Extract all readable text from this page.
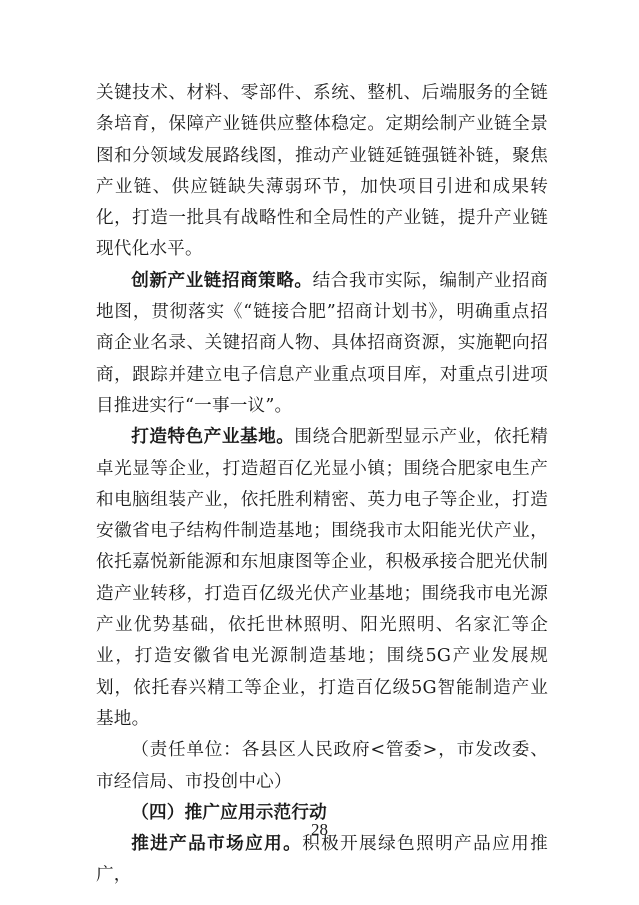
关键技术、材料、零部件、系统、整机、后端服务的全链条培育，保障产业链供应整体稳定。定期绘制产业链全景图和分领域发展路线图，推动产业链延链强链补链，聚焦产业链、供应链缺失薄弱环节，加快项目引进和成果转化，打造一批具有战略性和全局性的产业链，提升产业链现代化水平。

创新产业链招商策略。结合我市实际，编制产业招商地图，贯彻落实《“链接合肥”招商计划书》，明确重点招商企业名录、关键招商人物、具体招商资源，实施靶向招商，跟踪并建立电子信息产业重点项目库，对重点引进项目推进实行“一事一议”。

打造特色产业基地。围绕合肥新型显示产业，依托精卓光显等企业，打造超百亿光显小镇；围绕合肥家电生产和电脑组装产业，依托胜利精密、英力电子等企业，打造安徽省电子结构件制造基地；围绕我市太阳能光伏产业，依托嘉悦新能源和东旭康图等企业，积极承接合肥光伏制造产业转移，打造百亿级光伏产业基地；围绕我市电光源产业优势基础，依托世林照明、阳光照明、名家汇等企业，打造安徽省电光源制造基地；围绕5G产业发展规划，依托春兴精工等企业，打造百亿级5G智能制造产业基地。

（责任单位：各县区人民政府<管委>，市发改委、市经信局、市投创中心）

（四）推广应用示范行动

推进产品市场应用。积极开展绿色照明产品应用推广，

28
